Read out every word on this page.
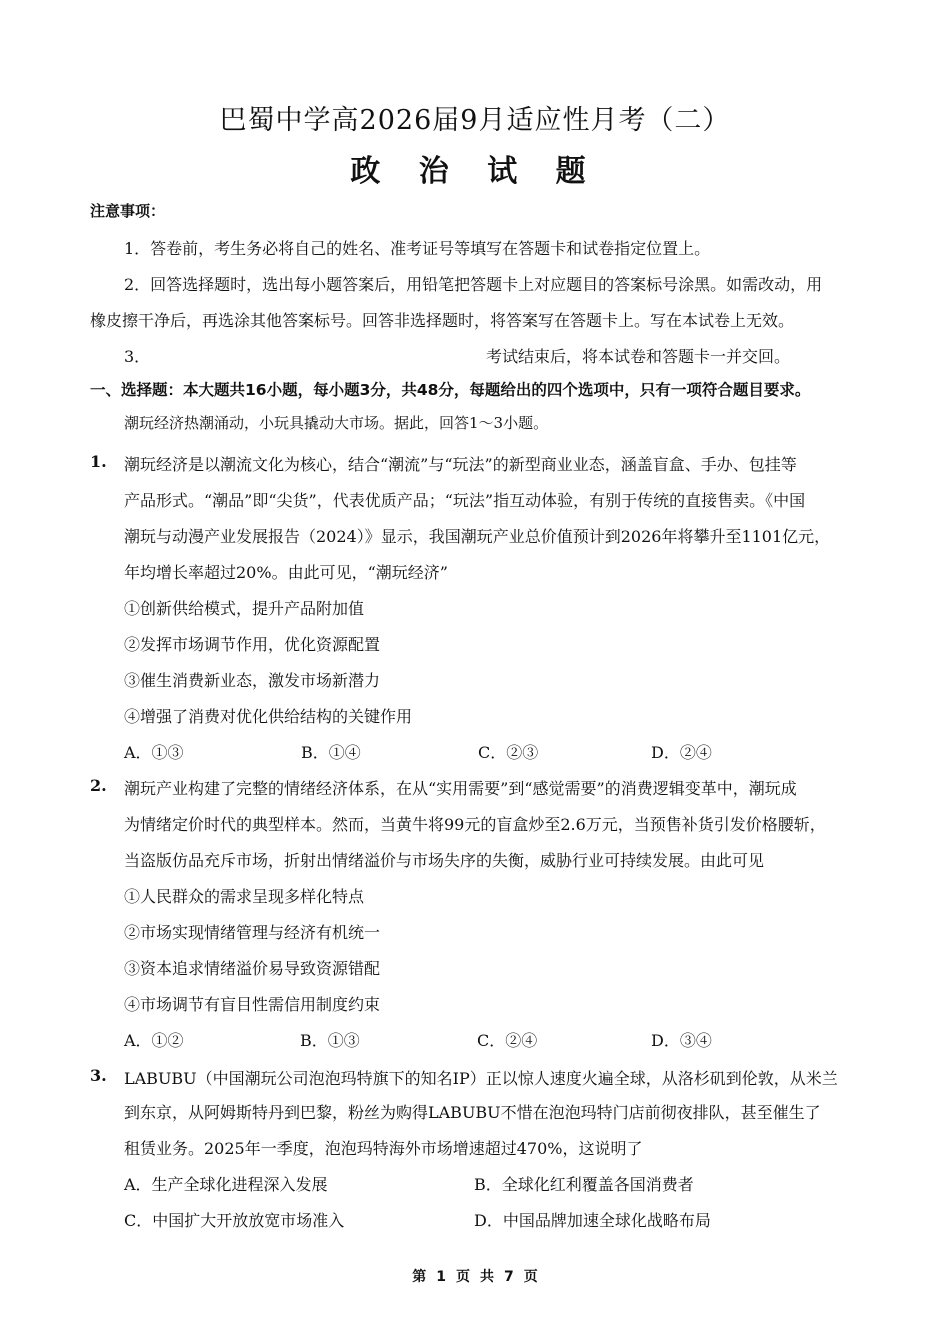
巴蜀中学高2026届9月适应性月考（二）
政 治 试 题
注意事项：
1．答卷前，考生务必将自己的姓名、准考证号等填写在答题卡和试卷指定位置上。
2．回答选择题时，选出每小题答案后，用铅笔把答题卡上对应题目的答案标号涂黑。如需改动，用
橡皮擦干净后，再选涂其他答案标号。回答非选择题时，将答案写在答题卡上。写在本试卷上无效。
3．	考试结束后，将本试卷和答题卡一并交回。
一、选择题：本大题共16小题，每小题3分，共48分，每题给出的四个选项中，只有一项符合题目要求。
潮玩经济热潮涌动，小玩具撬动大市场。据此，回答1～3小题。
1. 潮玩经济是以潮流文化为核心，结合“潮流”与“玩法”的新型商业业态，涵盖盲盒、手办、包挂等
产品形式。“潮品”即“尖货”，代表优质产品；“玩法”指互动体验，有别于传统的直接售卖。《中国
潮玩与动漫产业发展报告（2024）》显示，我国潮玩产业总价值预计到2026年将攀升至1101亿元，
年均增长率超过20%。由此可见，“潮玩经济”
①创新供给模式，提升产品附加值
②发挥市场调节作用，优化资源配置
③催生消费新业态，激发市场新潜力
④增强了消费对优化供给结构的关键作用
A．①③	B．①④	C．②③	D．②④
2. 潮玩产业构建了完整的情绪经济体系，在从“实用需要”到“感觉需要”的消费逻辑变革中，潮玩成
为情绪定价时代的典型样本。然而，当黄牛将99元的盲盒炒至2.6万元，当预售补货引发价格腰斩，
当盗版仿品充斥市场，折射出情绪溢价与市场失序的失衡，威胁行业可持续发展。由此可见
①人民群众的需求呈现多样化特点
②市场实现情绪管理与经济有机统一
③资本追求情绪溢价易导致资源错配
④市场调节有盲目性需信用制度约束
A．①②	B．①③	C．②④	D．③④
3. LABUBU（中国潮玩公司泡泡玛特旗下的知名IP）正以惊人速度火遍全球，从洛杉矶到伦敦，从米兰
到东京，从阿姆斯特丹到巴黎，粉丝为购得LABUBU不惜在泡泡玛特门店前彻夜排队，甚至催生了
租赁业务。2025年一季度，泡泡玛特海外市场增速超过470%，这说明了
A．生产全球化进程深入发展	B．全球化红利覆盖各国消费者
C．中国扩大开放放宽市场准入	D．中国品牌加速全球化战略布局
第 1 页 共 7 页
